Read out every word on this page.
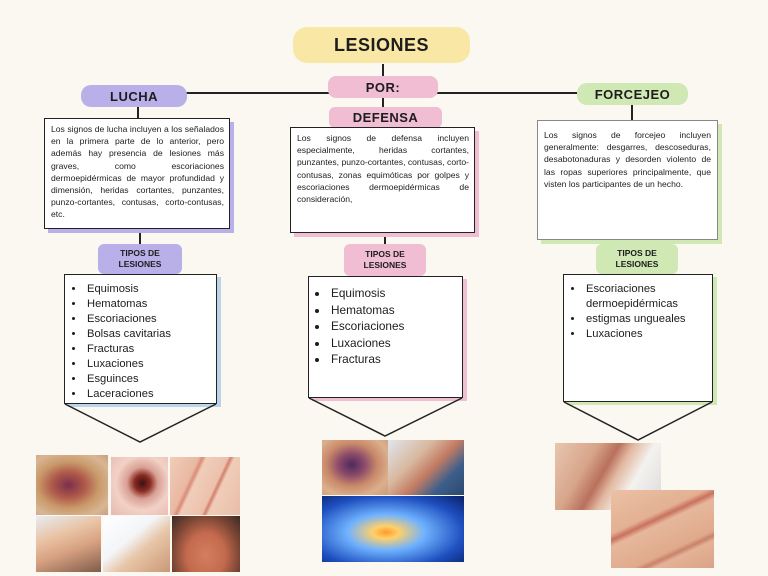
LESIONES
POR:
LUCHA
DEFENSA
FORCEJEO
Los signos de lucha incluyen a los señalados en la primera parte de lo anterior, pero además hay presencia de lesiones más graves, como escoriaciones dermoepidérmicas de mayor profundidad y dimensión, heridas cortantes, punzantes, punzo-cortantes, contusas, corto-contusas, etc.
Los signos de defensa incluyen especialmente, heridas cortantes, punzantes, punzo-cortantes, contusas, corto-contusas, zonas equimóticas por golpes y escoriaciones dermoepidérmicas de consideración,
Los signos de forcejeo incluyen generalmente: desgarres, descoseduras, desabotonaduras y desorden violento de las ropas superiores principalmente, que visten los participantes de un hecho.
TIPOS DE LESIONES
TIPOS DE LESIONES
TIPOS DE LESIONES
• Equimosis
• Hematomas
• Escoriaciones
• Bolsas cavitarias
• Fracturas
• Luxaciones
• Esguinces
• Laceraciones
• Equimosis
• Hematomas
• Escoriaciones
• Luxaciones
• Fracturas
• Escoriaciones dermoepidérmicas
• estigmas ungueales
• Luxaciones
